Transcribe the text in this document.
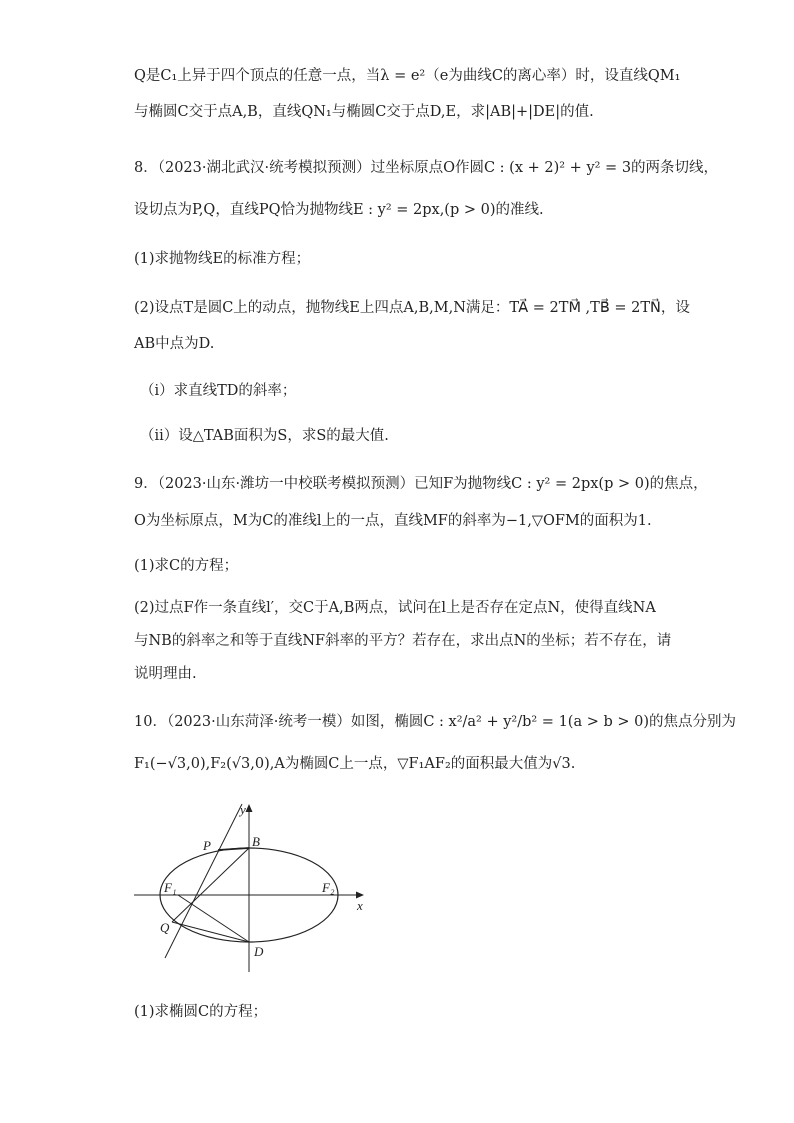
Q是C₁上异于四个顶点的任意一点，当λ = e²（e为曲线C的离心率）时，设直线QM₁
与椭圆C交于点A,B，直线QN₁与椭圆C交于点D,E，求|AB|+|DE|的值.
8．（2023·湖北武汉·统考模拟预测）过坐标原点O作圆C : (x + 2)² + y² = 3的两条切线，
设切点为P,Q，直线PQ恰为抛物线E : y² = 2px,(p > 0)的准线.
(1)求抛物线E的标准方程；
(2)设点T是圆C上的动点，抛物线E上四点A,B,M,N满足：TA⃗ = 2TM⃗ ,TB⃗ = 2TN⃗，设
AB中点为D.
（i）求直线TD的斜率；
（ii）设△TAB面积为S，求S的最大值.
9．（2023·山东·潍坊一中校联考模拟预测）已知F为抛物线C : y² = 2px(p > 0)的焦点，
O为坐标原点，M为C的准线l上的一点，直线MF的斜率为−1,▽OFM的面积为1.
(1)求C的方程；
(2)过点F作一条直线l′，交C于A,B两点，试问在l上是否存在定点N，使得直线NA
与NB的斜率之和等于直线NF斜率的平方？若存在，求出点N的坐标；若不存在，请
说明理由.
10．（2023·山东菏泽·统考一模）如图，椭圆C : x²/a² + y²/b² = 1(a > b > 0)的焦点分别为
F₁(−√3,0),F₂(√3,0),A为椭圆C上一点，▽F₁AF₂的面积最大值为√3.
y
x
P	B
F₁	F₂
Q
D
(1)求椭圆C的方程；
